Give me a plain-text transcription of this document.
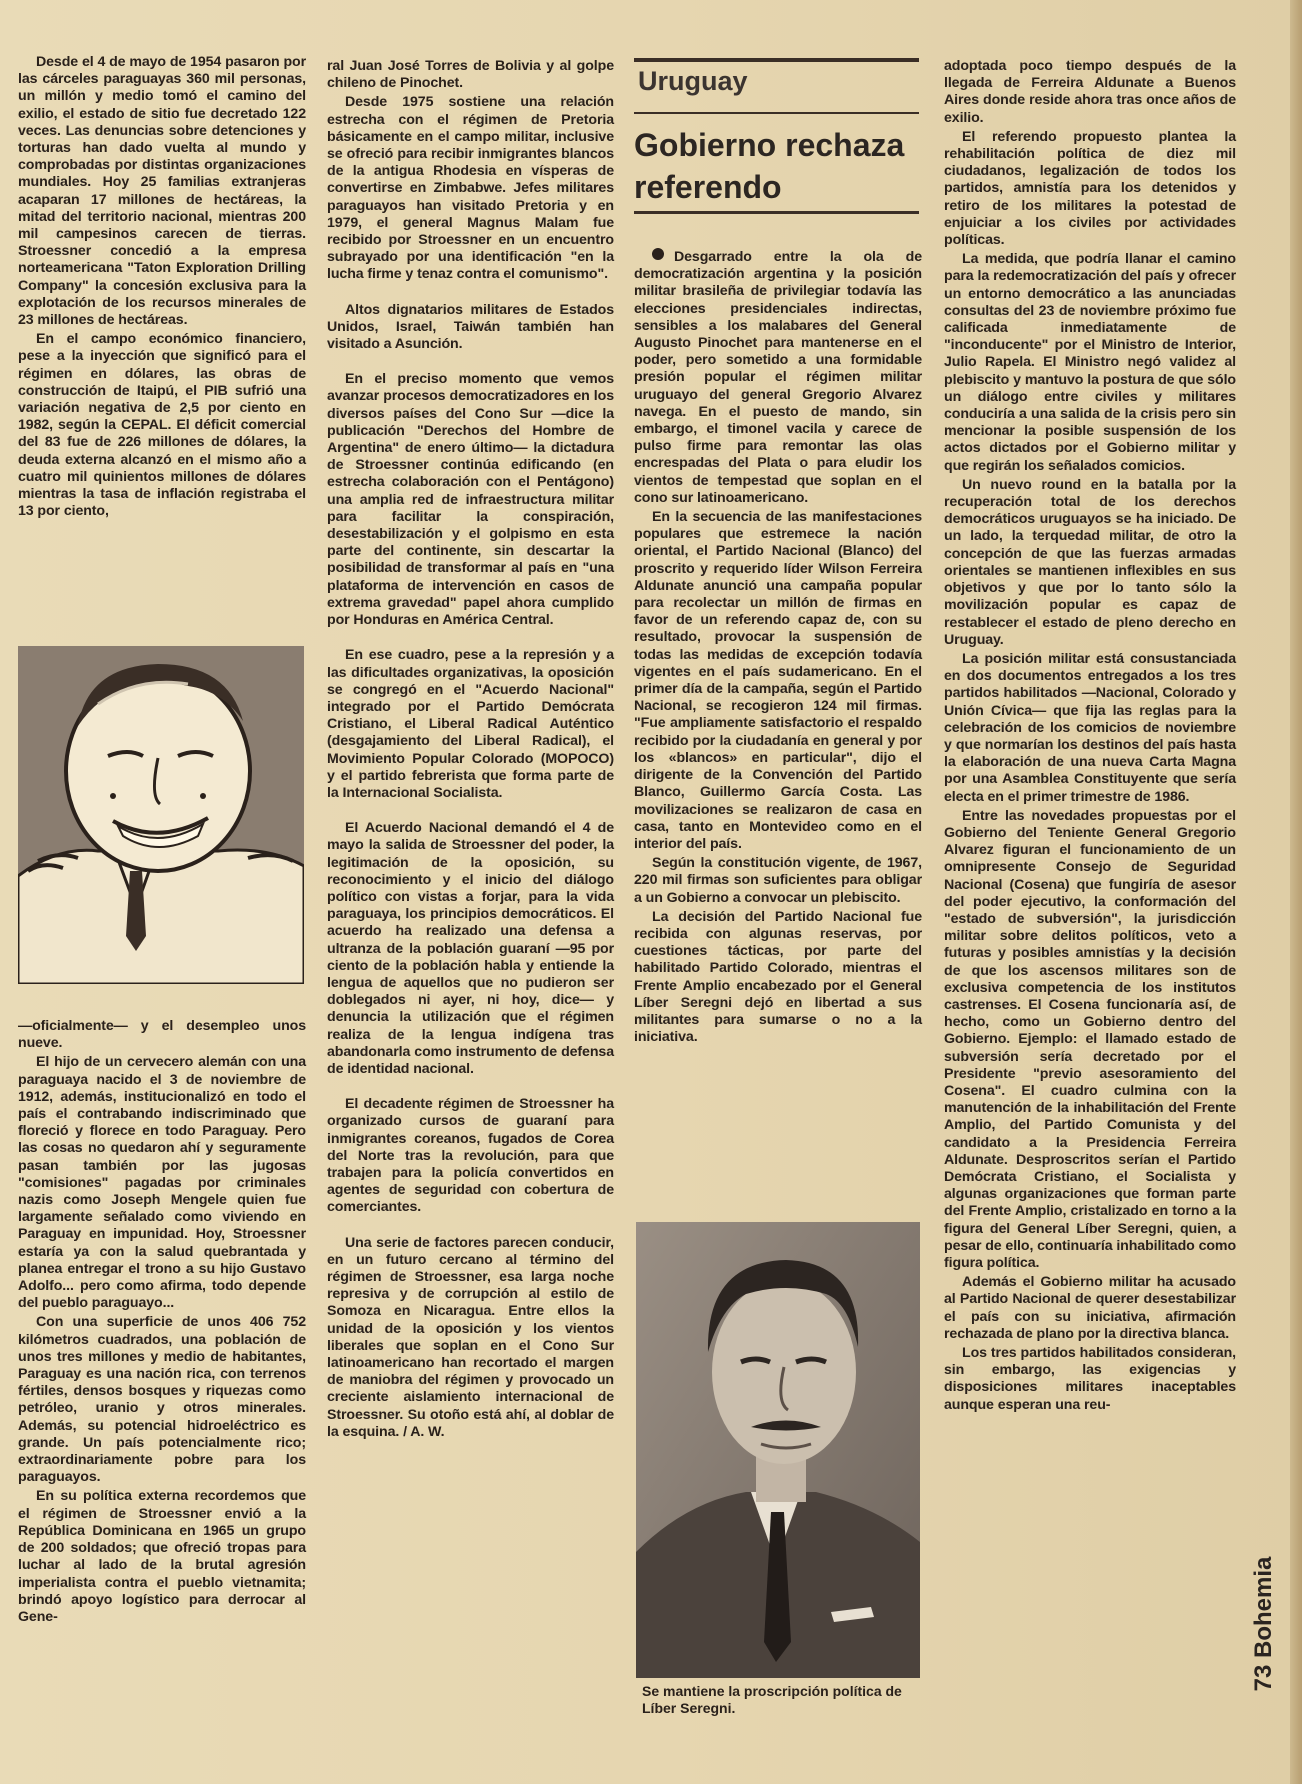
Desde el 4 de mayo de 1954 pasaron por las cárceles paraguayas 360 mil personas, un millón y medio tomó el camino del exilio, el estado de sitio fue decretado 122 veces. Las denuncias sobre detenciones y torturas han dado vuelta al mundo y comprobadas por distintas organizaciones mundiales. Hoy 25 familias extranjeras acaparan 17 millones de hectáreas, la mitad del territorio nacional, mientras 200 mil campesinos carecen de tierras. Stroessner concedió a la empresa norteamericana "Taton Exploration Drilling Company" la concesión exclusiva para la explotación de los recursos minerales de 23 millones de hectáreas.

En el campo económico financiero, pese a la inyección que significó para el régimen en dólares, las obras de construcción de Itaipú, el PIB sufrió una variación negativa de 2,5 por ciento en 1982, según la CEPAL. El déficit comercial del 83 fue de 226 millones de dólares, la deuda externa alcanzó en el mismo año a cuatro mil quinientos millones de dólares mientras la tasa de inflación registraba el 13 por ciento,

—oficialmente— y el desempleo unos nueve.

El hijo de un cervecero alemán con una paraguaya nacido el 3 de noviembre de 1912, además, institucionalizó en todo el país el contrabando indiscriminado que floreció y florece en todo Paraguay. Pero las cosas no quedaron ahí y seguramente pasan también por las jugosas "comisiones" pagadas por criminales nazis como Joseph Mengele quien fue largamente señalado como viviendo en Paraguay en impunidad. Hoy, Stroessner estaría ya con la salud quebrantada y planea entregar el trono a su hijo Gustavo Adolfo... pero como afirma, todo depende del pueblo paraguayo...

Con una superficie de unos 406 752 kilómetros cuadrados, una población de unos tres millones y medio de habitantes, Paraguay es una nación rica, con terrenos fértiles, densos bosques y riquezas como petróleo, uranio y otros minerales. Además, su potencial hidroeléctrico es grande. Un país potencialmente rico; extraordinariamente pobre para los paraguayos.

En su política externa recordemos que el régimen de Stroessner envió a la República Dominicana en 1965 un grupo de 200 soldados; que ofreció tropas para luchar al lado de la brutal agresión imperialista contra el pueblo vietnamita; brindó apoyo logístico para derrocar al Gene-

ral Juan José Torres de Bolivia y al golpe chileno de Pinochet.

Desde 1975 sostiene una relación estrecha con el régimen de Pretoria básicamente en el campo militar, inclusive se ofreció para recibir inmigrantes blancos de la antigua Rhodesia en vísperas de convertirse en Zimbabwe. Jefes militares paraguayos han visitado Pretoria y en 1979, el general Magnus Malam fue recibido por Stroessner en un encuentro subrayado por una identificación "en la lucha firme y tenaz contra el comunismo".

Altos dignatarios militares de Estados Unidos, Israel, Taiwán también han visitado a Asunción.

En el preciso momento que vemos avanzar procesos democratizadores en los diversos países del Cono Sur —dice la publicación "Derechos del Hombre de Argentina" de enero último— la dictadura de Stroessner continúa edificando (en estrecha colaboración con el Pentágono) una amplia red de infraestructura militar para facilitar la conspiración, desestabilización y el golpismo en esta parte del continente, sin descartar la posibilidad de transformar al país en "una plataforma de intervención en casos de extrema gravedad" papel ahora cumplido por Honduras en América Central.

En ese cuadro, pese a la represión y a las dificultades organizativas, la oposición se congregó en el "Acuerdo Nacional" integrado por el Partido Demócrata Cristiano, el Liberal Radical Auténtico (desgajamiento del Liberal Radical), el Movimiento Popular Colorado (MOPOCO) y el partido febrerista que forma parte de la Internacional Socialista.

El Acuerdo Nacional demandó el 4 de mayo la salida de Stroessner del poder, la legitimación de la oposición, su reconocimiento y el inicio del diálogo político con vistas a forjar, para la vida paraguaya, los principios democráticos. El acuerdo ha realizado una defensa a ultranza de la población guaraní —95 por ciento de la población habla y entiende la lengua de aquellos que no pudieron ser doblegados ni ayer, ni hoy, dice— y denuncia la utilización que el régimen realiza de la lengua indígena tras abandonarla como instrumento de defensa de identidad nacional.

El decadente régimen de Stroessner ha organizado cursos de guaraní para inmigrantes coreanos, fugados de Corea del Norte tras la revolución, para que trabajen para la policía convertidos en agentes de seguridad con cobertura de comerciantes.

Una serie de factores parecen conducir, en un futuro cercano al término del régimen de Stroessner, esa larga noche represiva y de corrupción al estilo de Somoza en Nicaragua. Entre ellos la unidad de la oposición y los vientos liberales que soplan en el Cono Sur latinoamericano han recortado el margen de maniobra del régimen y provocado un creciente aislamiento internacional de Stroessner. Su otoño está ahí, al doblar de la esquina. / A. W.

Uruguay
Gobierno rechaza referendo

Desgarrado entre la ola de democratización argentina y la posición militar brasileña de privilegiar todavía las elecciones presidenciales indirectas, sensibles a los malabares del General Augusto Pinochet para mantenerse en el poder, pero sometido a una formidable presión popular el régimen militar uruguayo del general Gregorio Alvarez navega. En el puesto de mando, sin embargo, el timonel vacila y carece de pulso firme para remontar las olas encrespadas del Plata o para eludir los vientos de tempestad que soplan en el cono sur latinoamericano.

En la secuencia de las manifestaciones populares que estremece la nación oriental, el Partido Nacional (Blanco) del proscrito y requerido líder Wilson Ferreira Aldunate anunció una campaña popular para recolectar un millón de firmas en favor de un referendo capaz de, con su resultado, provocar la suspensión de todas las medidas de excepción todavía vigentes en el país sudamericano. En el primer día de la campaña, según el Partido Nacional, se recogieron 124 mil firmas. "Fue ampliamente satisfactorio el respaldo recibido por la ciudadanía en general y por los «blancos» en particular", dijo el dirigente de la Convención del Partido Blanco, Guillermo García Costa. Las movilizaciones se realizaron de casa en casa, tanto en Montevideo como en el interior del país.

Según la constitución vigente, de 1967, 220 mil firmas son suficientes para obligar a un Gobierno a convocar un plebiscito.

La decisión del Partido Nacional fue recibida con algunas reservas, por cuestiones tácticas, por parte del habilitado Partido Colorado, mientras el Frente Amplio encabezado por el General Líber Seregni dejó en libertad a sus militantes para sumarse o no a la iniciativa.

Se mantiene la proscripción política de Líber Seregni.

adoptada poco tiempo después de la llegada de Ferreira Aldunate a Buenos Aires donde reside ahora tras once años de exilio.

El referendo propuesto plantea la rehabilitación política de diez mil ciudadanos, legalización de todos los partidos, amnistía para los detenidos y retiro de los militares la potestad de enjuiciar a los civiles por actividades políticas.

La medida, que podría llanar el camino para la redemocratización del país y ofrecer un entorno democrático a las anunciadas consultas del 23 de noviembre próximo fue calificada inmediatamente de "inconducente" por el Ministro de Interior, Julio Rapela. El Ministro negó validez al plebiscito y mantuvo la postura de que sólo un diálogo entre civiles y militares conduciría a una salida de la crisis pero sin mencionar la posible suspensión de los actos dictados por el Gobierno militar y que regirán los señalados comicios.

Un nuevo round en la batalla por la recuperación total de los derechos democráticos uruguayos se ha iniciado. De un lado, la terquedad militar, de otro la concepción de que las fuerzas armadas orientales se mantienen inflexibles en sus objetivos y que por lo tanto sólo la movilización popular es capaz de restablecer el estado de pleno derecho en Uruguay.

La posición militar está consustanciada en dos documentos entregados a los tres partidos habilitados —Nacional, Colorado y Unión Cívica— que fija las reglas para la celebración de los comicios de noviembre y que normarían los destinos del país hasta la elaboración de una nueva Carta Magna por una Asamblea Constituyente que sería electa en el primer trimestre de 1986.

Entre las novedades propuestas por el Gobierno del Teniente General Gregorio Alvarez figuran el funcionamiento de un omnipresente Consejo de Seguridad Nacional (Cosena) que fungiría de asesor del poder ejecutivo, la conformación del "estado de subversión", la jurisdicción militar sobre delitos políticos, veto a futuras y posibles amnistías y la decisión de que los ascensos militares son de exclusiva competencia de los institutos castrenses. El Cosena funcionaría así, de hecho, como un Gobierno dentro del Gobierno. Ejemplo: el llamado estado de subversión sería decretado por el Presidente "previo asesoramiento del Cosena". El cuadro culmina con la manutención de la inhabilitación del Frente Amplio, del Partido Comunista y del candidato a la Presidencia Ferreira Aldunate. Desproscritos serían el Partido Demócrata Cristiano, el Socialista y algunas organizaciones que forman parte del Frente Amplio, cristalizado en torno a la figura del General Líber Seregni, quien, a pesar de ello, continuaría inhabilitado como figura política.

Además el Gobierno militar ha acusado al Partido Nacional de querer desestabilizar el país con su iniciativa, afirmación rechazada de plano por la directiva blanca.

Los tres partidos habilitados consideran, sin embargo, las exigencias y disposiciones militares inaceptables aunque esperan una reu-

73 Bohemia
